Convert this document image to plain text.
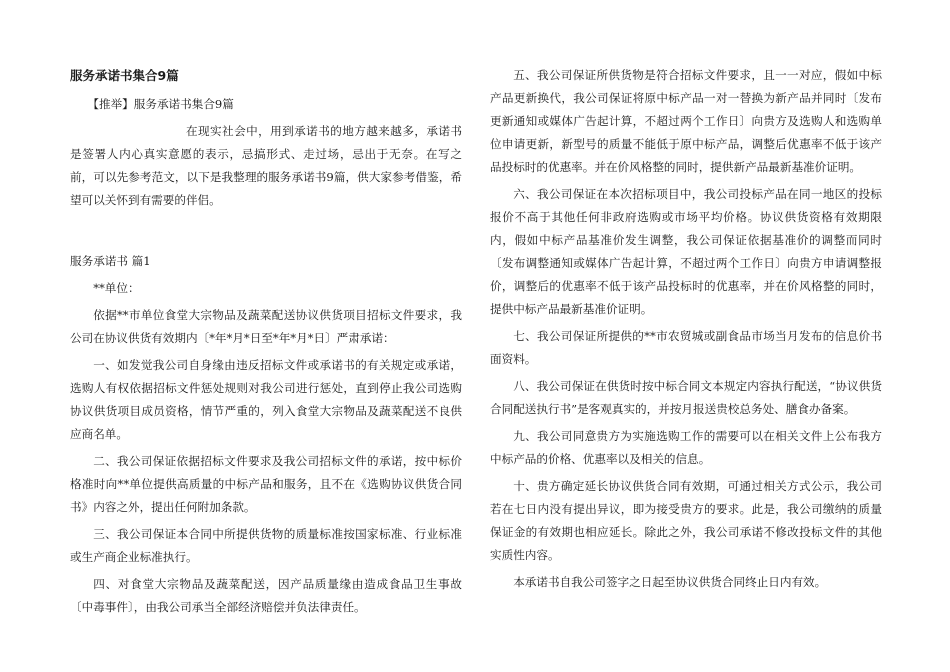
服务承诺书集合9篇
【推举】服务承诺书集合9篇
在现实社会中，用到承诺书的地方越来越多，承诺书是签署人内心真实意愿的表示，忌搞形式、走过场，忌出于无奈。在写之前，可以先参考范文，以下是我整理的服务承诺书9篇，供大家参考借鉴，希望可以关怀到有需要的伴侣。
服务承诺书 篇1
**单位：

依据**市单位食堂大宗物品及蔬菜配送协议供货项目招标文件要求，我公司在协议供货有效期内〔*年*月*日至*年*月*日〕严肃承诺：

一、如发觉我公司自身缘由违反招标文件或承诺书的有关规定或承诺，选购人有权依据招标文件惩处规则对我公司进行惩处，直到停止我公司选购协议供货项目成员资格，情节严重的，列入食堂大宗物品及蔬菜配送不良供应商名单。

二、我公司保证依据招标文件要求及我公司招标文件的承诺，按中标价格准时向**单位提供高质量的中标产品和服务，且不在《选购协议供货合同书》内容之外，提出任何附加条款。

三、我公司保证本合同中所提供货物的质量标准按国家标准、行业标准或生产商企业标准执行。

四、对食堂大宗物品及蔬菜配送，因产品质量缘由造成食品卫生事故〔中毒事件〕，由我公司承当全部经济赔偿并负法律责任。

五、我公司保证所供货物是符合招标文件要求，且一一对应，假如中标产品更新换代，我公司保证将原中标产品一对一替换为新产品并同时〔发布更新通知或媒体广告起计算，不超过两个工作日〕向贵方及选购人和选购单位申请更新，新型号的质量不能低于原中标产品，调整后优惠率不低于该产品投标时的优惠率。并在价风格整的同时，提供新产品最新基准价证明。

六、我公司保证在本次招标项目中，我公司投标产品在同一地区的投标报价不高于其他任何非政府选购或市场平均价格。协议供货资格有效期限内，假如中标产品基准价发生调整，我公司保证依据基准价的调整而同时〔发布调整通知或媒体广告起计算，不超过两个工作日〕向贵方申请调整报价，调整后的优惠率不低于该产品投标时的优惠率，并在价风格整的同时，提供中标产品最新基准价证明。

七、我公司保证所提供的**市农贸城或副食品市场当月发布的信息价书面资料。

八、我公司保证在供货时按中标合同文本规定内容执行配送，“协议供货合同配送执行书”是客观真实的，并按月报送贵校总务处、膳食办备案。

九、我公司同意贵方为实施选购工作的需要可以在相关文件上公布我方中标产品的价格、优惠率以及相关的信息。

十、贵方确定延长协议供货合同有效期，可通过相关方式公示，我公司若在七日内没有提出异议，即为接受贵方的要求。此是，我公司缴纳的质量保证金的有效期也相应延长。除此之外，我公司承诺不修改投标文件的其他实质性内容。

本承诺书自我公司签字之日起至协议供货合同终止日内有效。
